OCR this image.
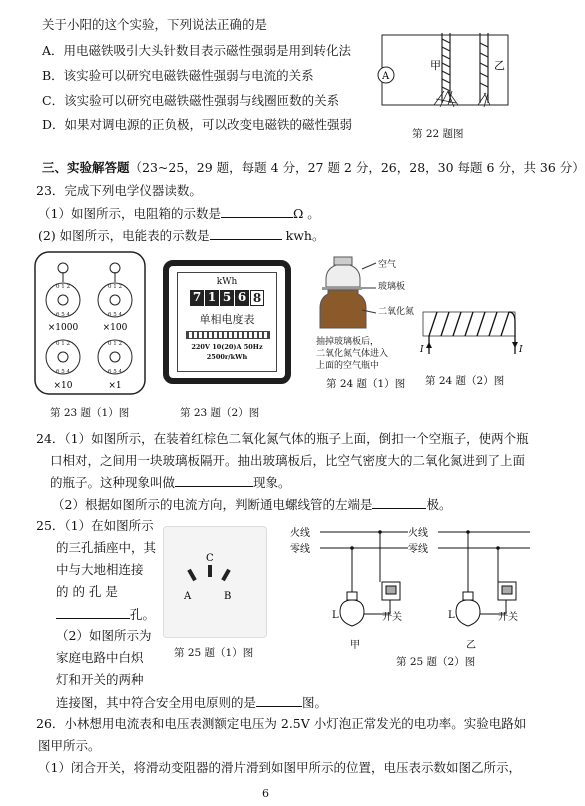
关于小阳的这个实验，下列说法正确的是
A．用电磁铁吸引大头针数目表示磁性强弱是用到转化法
B．该实验可以研究电磁铁磁性强弱与电流的关系
C．该实验可以研究电磁铁磁性强弱与线圈匝数的关系
D．如果对调电源的正负极，可以改变电磁铁的磁性强弱
A
甲	乙
第 22 题图
三、实验解答题（23~25，29 题，每题 4 分，27 题 2 分，26，28，30 每题 6 分，共 36 分）
23．完成下列电学仪器读数。
（1）如图所示，电阻箱的示数是	Ω 。
(2) 如图所示，电能表的示数是	kwh。
0 1 2
6 5 4
0 1 2
6 5 4
0 1 2
6 5 4
0 1 2
6 5 4
×1000	×100
×10	×1
第 23 题（1）图
kWh
7 1 5 6 8
单相电度表
220V 10(20)A 50Hz
2500r/kWh
第 23 题（2）图
空气
玻璃板
二氧化氮
抽掉玻璃板后，
二氧化氮气体进入
上面的空气瓶中
第 24 题（1）图
I	I
第 24 题（2）图
24．（1）如图所示，在装着红棕色二氧化氮气体的瓶子上面，倒扣一个空瓶子，使两个瓶
口相对，之间用一块玻璃板隔开。抽出玻璃板后，比空气密度大的二氧化氮进到了上面
的瓶子。这种现象叫做	现象。
（2）根据如图所示的电流方向，判断通电螺线管的左端是	极。
25．（1）在如图所示
的三孔插座中，其
中与大地相连接
的 的 孔 是
孔。
（2）如图所示为
家庭电路中白炽
灯和开关的两种
连接图，其中符合安全用电原则的是	图。
C
A	B
第 25 题（1）图
火线
零线
火线
零线
L	L
开关	开关
甲	乙
第 25 题（2）图
26．小林想用电流表和电压表测额定电压为 2.5V 小灯泡正常发光的电功率。实验电路如
图甲所示。
（1）闭合开关，将滑动变阻器的滑片滑到如图甲所示的位置，电压表示数如图乙所示，
6
